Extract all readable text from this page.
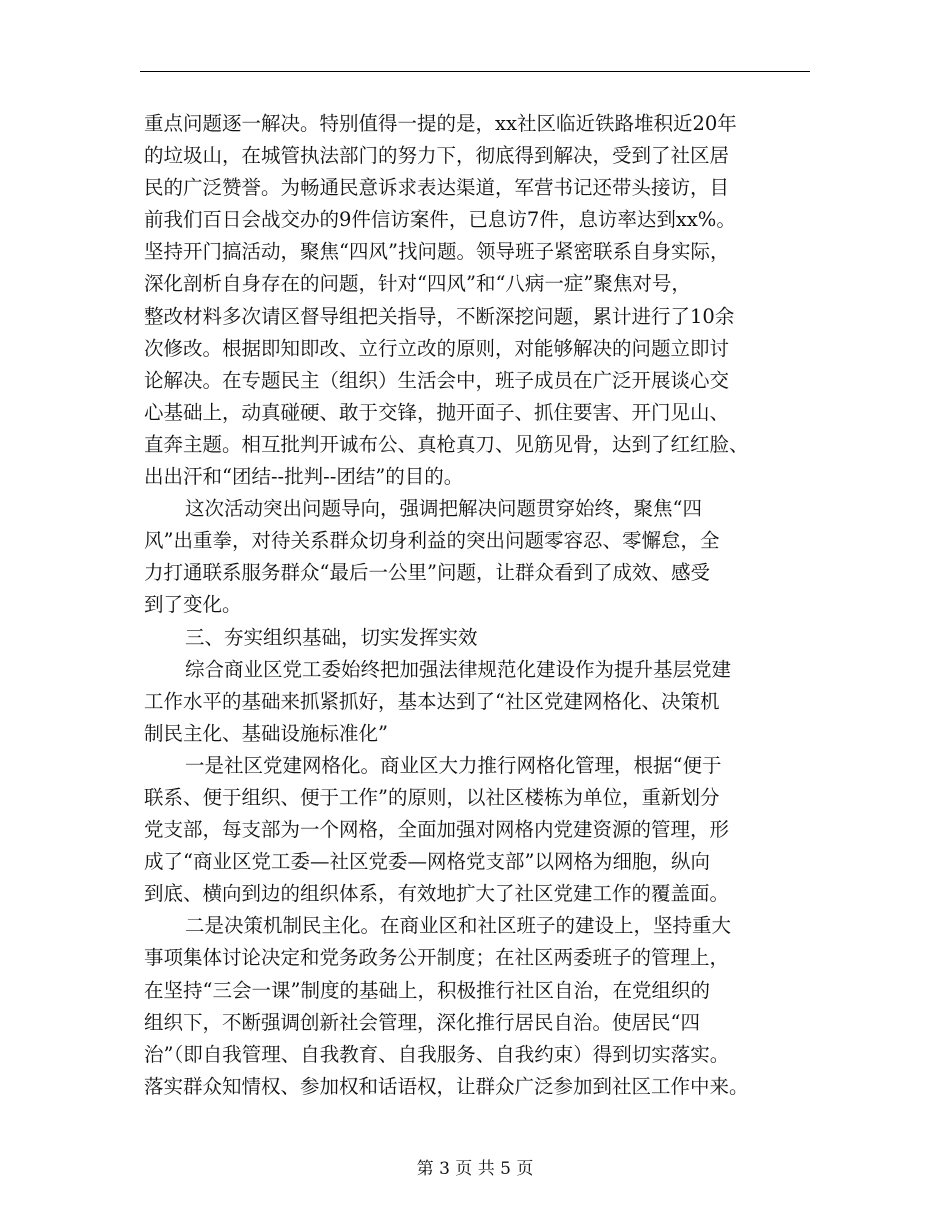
重点问题逐一解决。特别值得一提的是，xx社区临近铁路堆积近20年
的垃圾山，在城管执法部门的努力下，彻底得到解决，受到了社区居
民的广泛赞誉。为畅通民意诉求表达渠道，军营书记还带头接访，目
前我们百日会战交办的9件信访案件，已息访7件，息访率达到xx%。
坚持开门搞活动，聚焦“四风”找问题。领导班子紧密联系自身实际，
深化剖析自身存在的问题，针对“四风”和“八病一症”聚焦对号，
整改材料多次请区督导组把关指导，不断深挖问题，累计进行了10余
次修改。根据即知即改、立行立改的原则，对能够解决的问题立即讨
论解决。在专题民主（组织）生活会中，班子成员在广泛开展谈心交
心基础上，动真碰硬、敢于交锋，抛开面子、抓住要害、开门见山、
直奔主题。相互批判开诚布公、真枪真刀、见筋见骨，达到了红红脸、
出出汗和“团结--批判--团结”的目的。
这次活动突出问题导向，强调把解决问题贯穿始终，聚焦“四
风”出重拳，对待关系群众切身利益的突出问题零容忍、零懈怠，全
力打通联系服务群众“最后一公里”问题，让群众看到了成效、感受
到了变化。
三、夯实组织基础，切实发挥实效
综合商业区党工委始终把加强法律规范化建设作为提升基层党建
工作水平的基础来抓紧抓好，基本达到了“社区党建网格化、决策机
制民主化、基础设施标准化”
一是社区党建网格化。商业区大力推行网格化管理，根据“便于
联系、便于组织、便于工作”的原则，以社区楼栋为单位，重新划分
党支部，每支部为一个网格，全面加强对网格内党建资源的管理，形
成了“商业区党工委—社区党委—网格党支部”以网格为细胞，纵向
到底、横向到边的组织体系，有效地扩大了社区党建工作的覆盖面。
二是决策机制民主化。在商业区和社区班子的建设上，坚持重大
事项集体讨论决定和党务政务公开制度；在社区两委班子的管理上，
在坚持“三会一课”制度的基础上，积极推行社区自治，在党组织的
组织下，不断强调创新社会管理，深化推行居民自治。使居民“四
治”（即自我管理、自我教育、自我服务、自我约束）得到切实落实。
落实群众知情权、参加权和话语权，让群众广泛参加到社区工作中来。
第 3 页 共 5 页
